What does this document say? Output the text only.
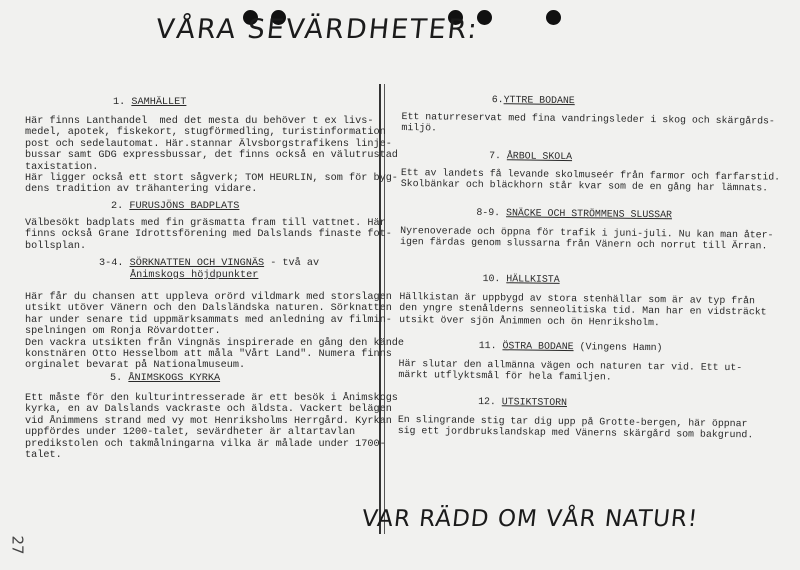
VÅRA SEVÄRDHETER:
1. SAMHÄLLET
Här finns Lanthandel  med det mesta du behöver t ex livs-
medel, apotek, fiskekort, stugförmedling, turistinformation
post och sedelautomat. Här.stannar Älvsborgstrafikens linje-
bussar samt GDG expressbussar, det finns också en välutrustad
taxistation.
Här ligger också ett stort sågverk; TOM HEURLIN, som för byg-
dens tradition av trähantering vidare.
2. FURUSJÖNS BADPLATS
Välbesökt badplats med fin gräsmatta fram till vattnet. Här
finns också Grane Idrottsförening med Dalslands finaste fot-
bollsplan.
3-4. SÖRKNATTEN OCH VINGNÄS - två av
Ånimskogs höjdpunkter
Här får du chansen att uppleva orörd vildmark med storslagen
utsikt utöver Vänern och den Dalsländska naturen. Sörknatten
har under senare tid uppmärksammats med anledning av filmin-
spelningen om Ronja Rövardotter.
Den vackra utsikten från Vingnäs inspirerade en gång den kände
konstnären Otto Hesselbom att måla "Vårt Land". Numera finns
orginalet bevarat på Nationalmuseum.
5. ÅNIMSKOGS KYRKA
Ett måste för den kulturintresserade är ett besök i Ånimskogs
kyrka, en av Dalslands vackraste och äldsta. Vackert belägen
vid Ånimmens strand med vy mot Henriksholms Herrgård. Kyrkan
uppfördes under 1200-talet, sevärdheter är altartavlan
predikstolen och takmålningarna vilka är målade under 1700-
talet.
6.YTTRE BODANE
Ett naturreservat med fina vandringsleder i skog och skärgårds-
miljö.
7. ÅRBOL SKOLA
Ett av landets få levande skolmuseér från farmor och farfarstid.
Skolbänkar och bläckhorn står kvar som de en gång har lämnats.
8-9. SNÄCKE OCH STRÖMMENS SLUSSAR
Nyrenoverade och öppna för trafik i juni-juli. Nu kan man åter-
igen färdas genom slussarna från Vänern och norrut till Ärran.
10. HÄLLKISTA
Hällkistan är uppbygd av stora stenhällar som är av typ från
den yngre stenålderns senneolitiska tid. Man har en vidsträckt
utsikt över sjön Ånimmen och ön Henriksholm.
11. ÖSTRA BODANE (Vingens Hamn)
Här slutar den allmänna vägen och naturen tar vid. Ett ut-
märkt utflyktsmål för hela familjen.
12. UTSIKTSTORN
En slingrande stig tar dig upp på Grotte-bergen, här öppnar
sig ett jordbrukslandskap med Vänerns skärgård som bakgrund.
VAR RÄDD OM VÅR NATUR!
27
